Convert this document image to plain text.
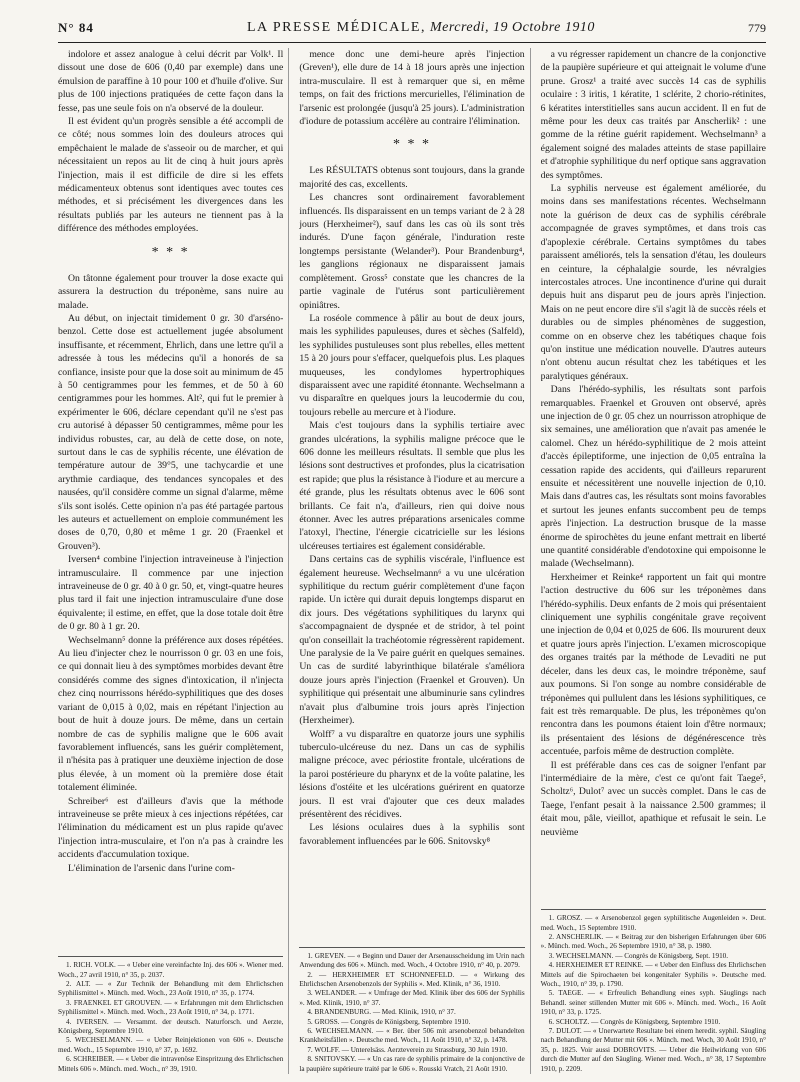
N° 84	LA PRESSE MÉDICALE, Mercredi, 19 Octobre 1910	779

indolore et assez analogue à celui décrit par Volk¹. Il dissout une dose de 606 (0,40 par exemple) dans une émulsion de paraffine à 10 pour 100 et d'huile d'olive. Sur plus de 100 injections pratiquées de cette façon dans la fesse, pas une seule fois on n'a observé de la douleur.

Il est évident qu'un progrès sensible a été accompli de ce côté; nous sommes loin des douleurs atroces qui empêchaient le malade de s'asseoir ou de marcher, et qui nécessitaient un repos au lit de cinq à huit jours après l'injection, mais il est difficile de dire si les effets médicamenteux obtenus sont identiques avec toutes ces méthodes, et si précisément les divergences dans les résultats publiés par les auteurs ne tiennent pas à la différence des méthodes employées.

* * *

On tâtonne également pour trouver la dose exacte qui assurera la destruction du tréponème, sans nuire au malade.

Au début, on injectait timidement 0 gr. 30 d'arséno-benzol. Cette dose est actuellement jugée absolument insuffisante, et récemment, Ehrlich, dans une lettre qu'il a adressée à tous les médecins qu'il a honorés de sa confiance, insiste pour que la dose soit au minimum de 45 à 50 centigrammes pour les femmes, et de 50 à 60 centigrammes pour les hommes. Alt², qui fut le premier à expérimenter le 606, déclare cependant qu'il ne s'est pas cru autorisé à dépasser 50 centigrammes, même pour les individus robustes, car, au delà de cette dose, on note, surtout dans le cas de syphilis récente, une élévation de température autour de 39°5, une tachycardie et une arythmie cardiaque, des tendances syncopales et des nausées, qu'il considère comme un signal d'alarme, même s'ils sont isolés. Cette opinion n'a pas été partagée partous les auteurs et actuellement on emploie communément les doses de 0,70, 0,80 et même 1 gr. 20 (Fraenkel et Grouven³).

Iversen⁴ combine l'injection intraveineuse à l'injection intramusculaire. Il commence par une injection intraveineuse de 0 gr. 40 à 0 gr. 50, et, vingt-quatre heures plus tard il fait une injection intramusculaire d'une dose équivalente; il estime, en effet, que la dose totale doit être de 0 gr. 80 à 1 gr. 20.

Wechselmann⁵ donne la préférence aux doses répétées. Au lieu d'injecter chez le nourrisson 0 gr. 03 en une fois, ce qui donnait lieu à des symptômes morbides devant être considérés comme des signes d'intoxication, il n'injecta chez cinq nourrissons hérédo-syphilitiques que des doses variant de 0,015 à 0,02, mais en répétant l'injection au bout de huit à douze jours. De même, dans un certain nombre de cas de syphilis maligne que le 606 avait favorablement influencés, sans les guérir complètement, il n'hésita pas à pratiquer une deuxième injection de dose plus élevée, à un moment où la première dose était totalement éliminée.

Schreiber⁶ est d'ailleurs d'avis que la méthode intraveineuse se prête mieux à ces injections répétées, car l'élimination du médicament est un plus rapide qu'avec l'injection intra-musculaire, et l'on n'a pas à craindre les accidents d'accumulation toxique.

L'élimination de l'arsenic dans l'urine com-

1. RICH. VOLK. — « Ueber eine vereinfachte Inj. des 606 ». Wiener med. Woch., 27 avril 1910, n° 35, p. 2037.
2. ALT. — « Zur Technik der Behandlung mit dem Ehrlichschen Syphilismittel ». Münch. med. Woch., 23 Août 1910, n° 35, p. 1774.
3. FRAENKEL ET GROUVEN. — « Erfahrungen mit dem Ehrlichschen Syphilismittel ». Münch. med. Woch., 23 Août 1910, n° 34, p. 1771.
4. IVERSEN. — Versammt. der deutsch. Naturforsch. und Aerzte, Königsberg, Septembre 1910.
5. WECHSELMANN. — « Ueber Reinjektionen von 606 ». Deutsche med. Woch., 15 Septembre 1910, n° 37, p. 1692.
6. SCHREIBER. — « Ueber die intravenöse Einspritzung des Ehrlichschen Mittels 606 ». Münch. med. Woch., n° 39, 1910.

mence donc une demi-heure après l'injection (Greven¹), elle dure de 14 à 18 jours après une injection intra-musculaire. Il est à remarquer que si, en même temps, on fait des frictions mercurielles, l'élimination de l'arsenic est prolongée (jusqu'à 25 jours). L'administration d'iodure de potassium accélère au contraire l'élimination.

* * *

Les RÉSULTATS obtenus sont toujours, dans la grande majorité des cas, excellents.

Les chancres sont ordinairement favorablement influencés. Ils disparaissent en un temps variant de 2 à 28 jours (Herxheimer²), sauf dans les cas où ils sont très indurés. D'une façon générale, l'induration reste longtemps persistante (Welander³). Pour Brandenburg⁴, les ganglions régionaux ne disparaissent jamais complètement. Gross⁵ constate que les chancres de la partie vaginale de l'utérus sont particulièrement opiniâtres.

La roséole commence à pâlir au bout de deux jours, mais les syphilides papuleuses, dures et sèches (Salfeld), les syphilides pustuleuses sont plus rebelles, elles mettent 15 à 20 jours pour s'effacer, quelquefois plus. Les plaques muqueuses, les condylomes hypertrophiques disparaissent avec une rapidité étonnante. Wechselmann a vu disparaître en quelques jours la leucodermie du cou, toujours rebelle au mercure et à l'iodure.

Mais c'est toujours dans la syphilis tertiaire avec grandes ulcérations, la syphilis maligne précoce que le 606 donne les meilleurs résultats. Il semble que plus les lésions sont destructives et profondes, plus la cicatrisation est rapide; que plus la résistance à l'iodure et au mercure a été grande, plus les résultats obtenus avec le 606 sont brillants. Ce fait n'a, d'ailleurs, rien qui doive nous étonner. Avec les autres préparations arsenicales comme l'atoxyl, l'hectine, l'énergie cicatricielle sur les lésions ulcéreuses tertiaires est également considérable.

Dans certains cas de syphilis viscérale, l'influence est également heureuse. Wechselmann⁶ a vu une ulcération syphilitique du rectum guérir complètement d'une façon rapide. Un ictère qui durait depuis longtemps disparut en dix jours. Des végétations syphilitiques du larynx qui s'accompagnaient de dyspnée et de stridor, à tel point qu'on conseillait la trachéotomie régressèrent rapidement. Une paralysie de la Ve paire guérit en quelques semaines. Un cas de surdité labyrinthique bilatérale s'améliora douze jours après l'injection (Fraenkel et Grouven). Un syphilitique qui présentait une albuminurie sans cylindres n'avait plus d'albumine trois jours après l'injection (Herxheimer).

Wolff⁷ a vu disparaître en quatorze jours une syphilis tuberculo-ulcéreuse du nez. Dans un cas de syphilis maligne précoce, avec périostite frontale, ulcérations de la paroi postérieure du pharynx et de la voûte palatine, les lésions d'ostéite et les ulcérations guérirent en quatorze jours. Il est vrai d'ajouter que ces deux malades présentèrent des récidives.

Les lésions oculaires dues à la syphilis sont favorablement influencées par le 606. Snitovsky⁸

1. GREVEN. — « Beginn und Dauer der Arsenausscheidung im Urin nach Anwendung des 606 ». Münch. med. Woch., 4 Octobre 1910, n° 40, p. 2079.
2. — HERXHEIMER ET SCHONNEFELD. — « Wirkung des Ehrlichschen Arsenobenzols der Syphilis ». Med. Klinik, n° 36, 1910.
3. WELANDER. — « Umfrage der Med. Klinik über des 606 der Syphilis ». Med. Klinik, 1910, n° 37.
4. BRANDENBURG. — Med. Klinik, 1910, n° 37.
5. GROSS. — Congrès de Königsberg, Septembre 1910.
6. WECHSELMANN. — « Ber. über 506 mit arsenobenzol behandelten Krankheitsfällen ». Deutsche med. Woch., 11 Août 1910, n° 32, p. 1478.
7. WOLFF. — Unterelsäss. Aerzteverein zu Strassburg, 30 Juin 1910.
8. SNITOVSKY. — « Un cas rare de syphilis primaire de la conjonctive de la paupière supérieure traité par le 606 ». Rousski Vratch, 21 Août 1910.

a vu régresser rapidement un chancre de la conjonctive de la paupière supérieure et qui atteignait le volume d'une prune. Grosz¹ a traité avec succès 14 cas de syphilis oculaire : 3 iritis, 1 kératite, 1 sclérite, 2 chorio-rétinites, 6 kératites interstitielles sans aucun accident. Il en fut de même pour les deux cas traités par Anscherlik² : une gomme de la rétine guérit rapidement. Wechselmann³ a également soigné des malades atteints de stase papillaire et d'atrophie syphilitique du nerf optique sans aggravation des symptômes.

La syphilis nerveuse est également améliorée, du moins dans ses manifestations récentes. Wechselmann note la guérison de deux cas de syphilis cérébrale accompagnée de graves symptômes, et dans trois cas d'apoplexie cérébrale. Certains symptômes du tabes paraissent améliorés, tels la sensation d'étau, les douleurs en ceinture, la céphalalgie sourde, les névralgies intercostales atroces. Une incontinence d'urine qui durait depuis huit ans disparut peu de jours après l'injection. Mais on ne peut encore dire s'il s'agit là de succès réels et durables ou de simples phénomènes de suggestion, comme on en observe chez les tabétiques chaque fois qu'on institue une médication nouvelle. D'autres auteurs n'ont obtenu aucun résultat chez les tabétiques et les paralytiques généraux.

Dans l'hérédo-syphilis, les résultats sont parfois remarquables. Fraenkel et Grouven ont observé, après une injection de 0 gr. 05 chez un nourrisson atrophique de six semaines, une amélioration que n'avait pas amenée le calomel. Chez un hérédo-syphilitique de 2 mois atteint d'accès épileptiforme, une injection de 0,05 entraîna la cessation rapide des accidents, qui d'ailleurs reparurent ensuite et nécessitèrent une nouvelle injection de 0,10. Mais dans d'autres cas, les résultats sont moins favorables et surtout les jeunes enfants succombent peu de temps après l'injection. La destruction brusque de la masse énorme de spirochètes du jeune enfant mettrait en liberté une quantité considérable d'endotoxine qui empoisonne le malade (Wechselmann).

Herxheimer et Reinke⁴ rapportent un fait qui montre l'action destructive du 606 sur les tréponèmes dans l'hérédo-syphilis. Deux enfants de 2 mois qui présentaient cliniquement une syphilis congénitale grave reçoivent une injection de 0,04 et 0,025 de 606. Ils moururent deux et quatre jours après l'injection. L'examen microscopique des organes traités par la méthode de Levaditi ne put déceler, dans les deux cas, le moindre tréponème, sauf aux poumons. Si l'on songe au nombre considérable de tréponèmes qui pullulent dans les lésions syphilitiques, ce fait est très remarquable. De plus, les tréponèmes qu'on rencontra dans les poumons étaient loin d'être normaux; ils présentaient des lésions de dégénérescence très accentuée, parfois même de destruction complète.

Il est préférable dans ces cas de soigner l'enfant par l'intermédiaire de la mère, c'est ce qu'ont fait Taege⁵, Scholtz⁶, Dulot⁷ avec un succès complet. Dans le cas de Taege, l'enfant pesait à la naissance 2.500 grammes; il était mou, pâle, vieillot, apathique et refusait le sein. Le neuvième

1. GROSZ. — « Arsenobenzol gegen syphilitische Augenleiden ». Deut. med. Woch., 15 Septembre 1910.
2. ANSCHERLIK. — « Beitrag zur den bisherigen Erfahrungen über 606 ». Münch. med. Woch., 26 Septembre 1910, n° 38, p. 1980.
3. WECHSELMANN. — Congrès de Königsberg, Sept. 1910.
4. HERXHEIMER ET REINKE. — « Ueber den Einfluss des Ehrlichschen Mittels auf die Spirochaeten bei kongenitaler Syphilis ». Deutsche med. Woch., 1910, n° 39, p. 1790.
5. TAEGE. — « Erfreulich Behandlung eines syph. Säuglings nach Behandl. seiner stillenden Mutter mit 606 ». Münch. med. Woch., 16 Août 1910, n° 33, p. 1725.
6. SCHOLTZ. — Congrès de Königsberg, Septembre 1910.
7. DULOT. — « Unerwartete Resultate bei einem heredit. syphil. Säugling nach Behandlung der Mutter mit 606 ». Münch. med. Woch, 30 Août 1910, n° 35, p. 1825. Voir aussi DOBROVITS. — Ueber die Heilwirkung von 606 durch die Mutter auf den Säugling. Wiener med. Woch., n° 38, 17 Septembre 1910, p. 2209.
